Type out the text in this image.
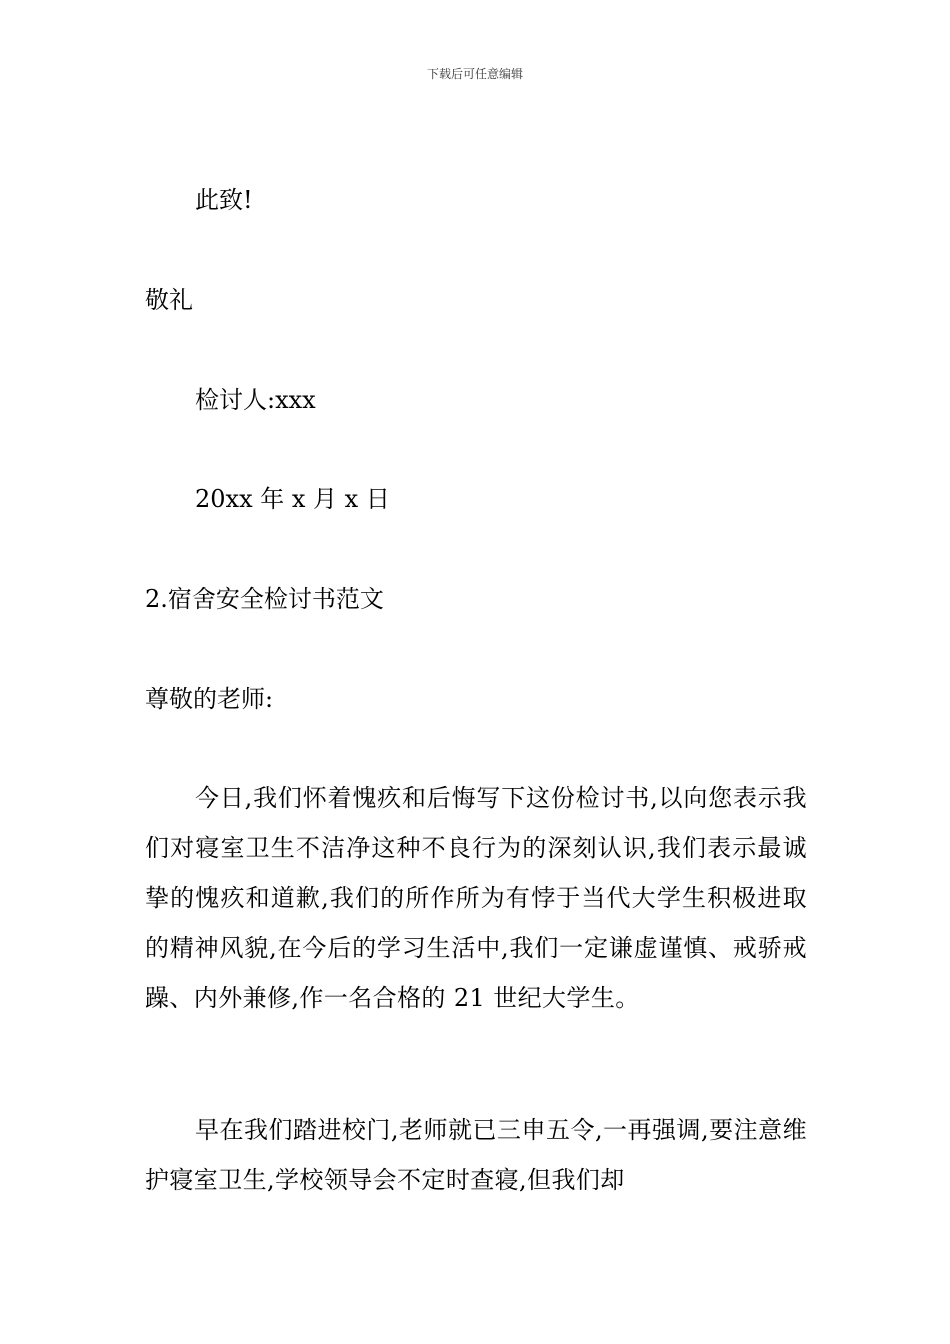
下载后可任意编辑
此致!
敬礼
检讨人:xxx
20xx 年 x 月 x 日
2.宿舍安全检讨书范文
尊敬的老师:
今日,我们怀着愧疚和后悔写下这份检讨书,以向您表示我们对寝室卫生不洁净这种不良行为的深刻认识,我们表示最诚挚的愧疚和道歉,我们的所作所为有悖于当代大学生积极进取的精神风貌,在今后的学习生活中,我们一定谦虚谨慎、戒骄戒躁、内外兼修,作一名合格的 21 世纪大学生。
早在我们踏进校门,老师就已三申五令,一再强调,要注意维护寝室卫生,学校领导会不定时查寝,但我们却
